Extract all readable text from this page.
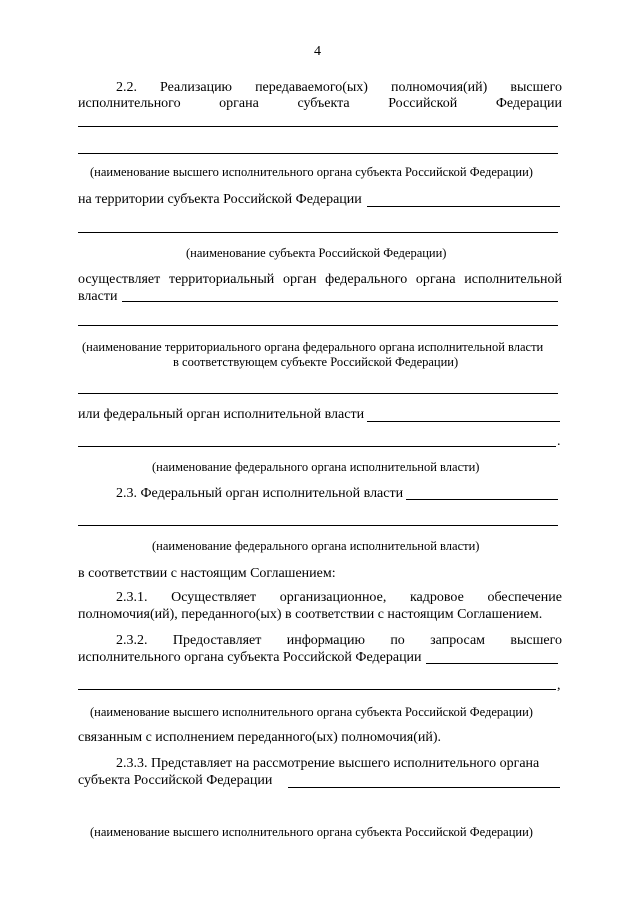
4
2.2. Реализацию передаваемого(ых) полномочия(ий) высшего
исполнительного	органа	субъекта	Российской	Федерации
(наименование высшего исполнительного органа субъекта Российской Федерации)
на территории субъекта Российской Федерации
(наименование субъекта Российской Федерации)
осуществляет территориальный орган федерального органа исполнительной
власти
(наименование территориального органа федерального органа исполнительной власти
в соответствующем субъекте Российской Федерации)
или федеральный орган исполнительной власти
.
(наименование федерального органа исполнительной власти)
2.3. Федеральный орган исполнительной власти
(наименование федерального органа исполнительной власти)
в соответствии с настоящим Соглашением:
2.3.1. Осуществляет организационное, кадровое обеспечение
полномочия(ий), переданного(ых) в соответствии с настоящим Соглашением.
2.3.2. Предоставляет информацию по запросам высшего
исполнительного органа субъекта Российской Федерации
,
(наименование высшего исполнительного органа субъекта Российской Федерации)
связанным с исполнением переданного(ых) полномочия(ий).
2.3.3. Представляет на рассмотрение высшего исполнительного органа
субъекта Российской Федерации
(наименование высшего исполнительного органа субъекта Российской Федерации)
